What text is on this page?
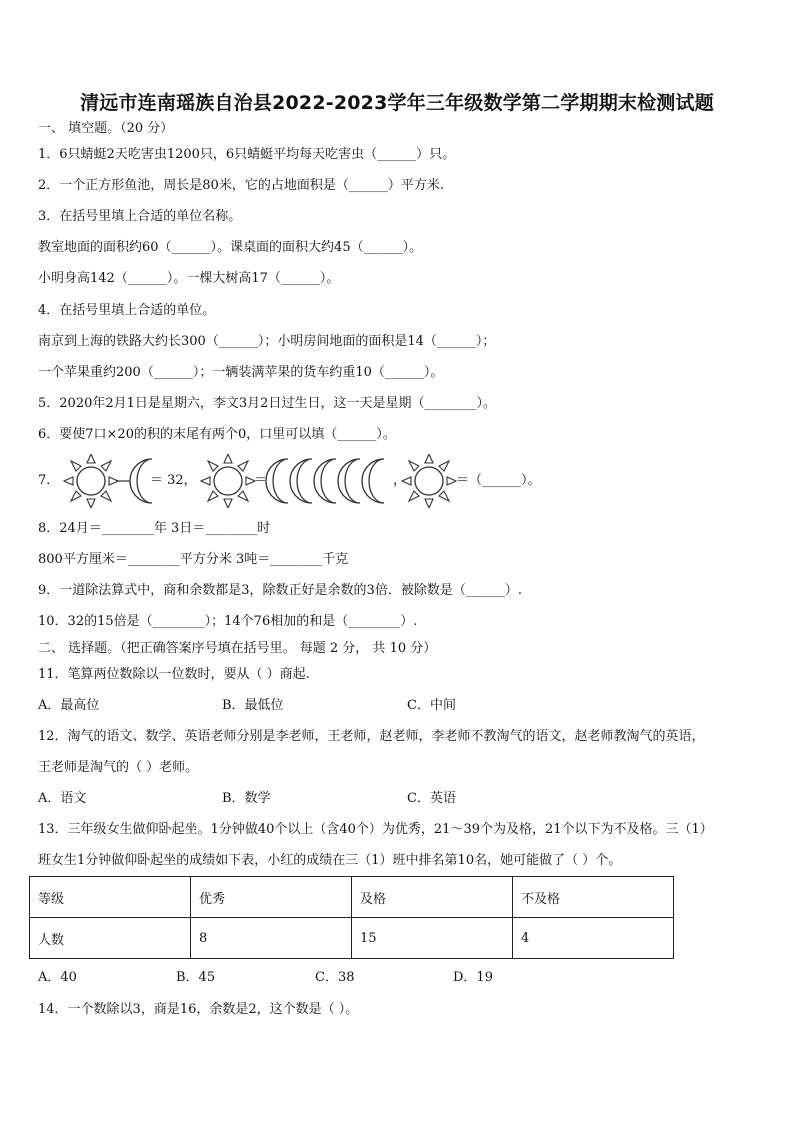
清远市连南瑶族自治县2022-2023学年三年级数学第二学期期末检测试题
一、 填空题。（20 分）
1．6只蜻蜓2天吃害虫1200只，6只蜻蜓平均每天吃害虫（______）只。
2．一个正方形鱼池，周长是80米，它的占地面积是（______）平方米.
3．在括号里填上合适的单位名称。
教室地面的面积约60（______）。课桌面的面积大约45（______）。
小明身高142（______）。一棵大树高17（______）。
4．在括号里填上合适的单位。
南京到上海的铁路大约长300（______）；小明房间地面的面积是14（______）；
一个苹果重约200（______）；一辆装满苹果的货车约重10（______）。
5．2020年2月1日是星期六，李文3月2日过生日，这一天是星期（________）。
6．要使7口×20的积的末尾有两个0，口里可以填（______）。
7．	＝ 32，	＝	，	＝（______）。
8．24月＝________年 3日＝________时
800平方厘米＝________平方分米 3吨＝________千克
9．一道除法算式中，商和余数都是3，除数正好是余数的3倍．被除数是（______）.
10．32的15倍是（________）；14个76相加的和是（________）.
二、 选择题。（把正确答案序号填在括号里。 每题 2 分， 共 10 分）
11．笔算两位数除以一位数时，要从（ ）商起.
A．最高位	B．最低位	C．中间
12．淘气的语文、数学、英语老师分别是李老师，王老师，赵老师，李老师不教淘气的语文，赵老师教淘气的英语，
王老师是淘气的（ ）老师。
A．语文	B．数学	C．英语
13．三年级女生做仰卧起坐。1分钟做40个以上（含40个）为优秀，21～39个为及格，21个以下为不及格。三（1）
班女生1分钟做仰卧起坐的成绩如下表，小红的成绩在三（1）班中排名第10名，她可能做了（ ）个。
等级	优秀	及格	不及格
人数	8	15	4
A．40	B．45	C．38	D．19
14．一个数除以3，商是16，余数是2，这个数是（ ）。
